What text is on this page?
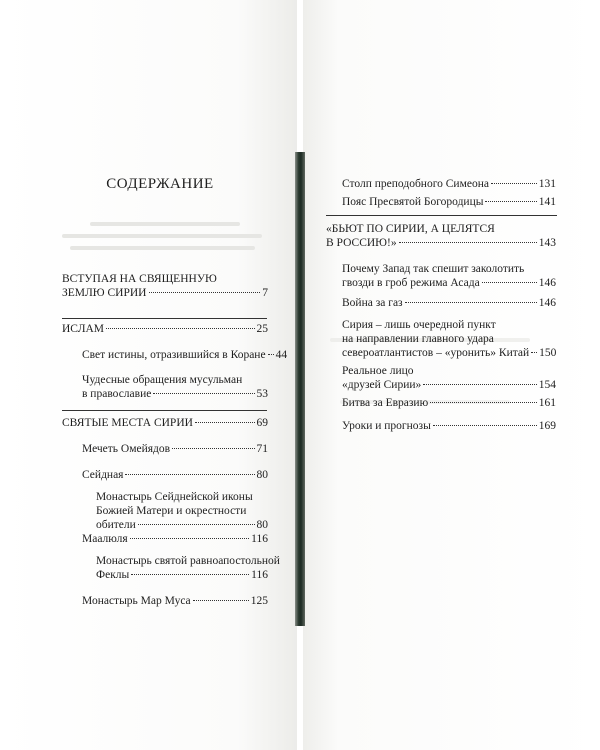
СОДЕРЖАНИЕ
ВСТУПАЯ НА СВЯЩЕННУЮ
ЗЕМЛЮ СИРИИ	7
ИСЛАМ	25
Свет истины, отразившийся в Коране 44
Чудесные обращения мусульман
в православие	53
СВЯТЫЕ МЕСТА СИРИИ	69
Мечеть Омейядов	71
Сейдная	80
Монастырь Сейднейской иконы
Божией Матери и окрестности
обители	80
Маалюля	116
Монастырь святой равноапостольной
Феклы	116
Монастырь Мар Муса	125
Столп преподобного Симеона	131
Пояс Пресвятой Богородицы	141
«БЬЮТ ПО СИРИИ, А ЦЕЛЯТСЯ
В РОССИЮ!»	143
Почему Запад так спешит заколотить
гвозди в гроб режима Асада	146
Война за газ	146
Сирия – лишь очередной пункт
на направлении главного удара
североатлантистов – «уронить» Китай 150
Реальное лицо
«друзей Сирии»	154
Битва за Евразию	161
Уроки и прогнозы	169
